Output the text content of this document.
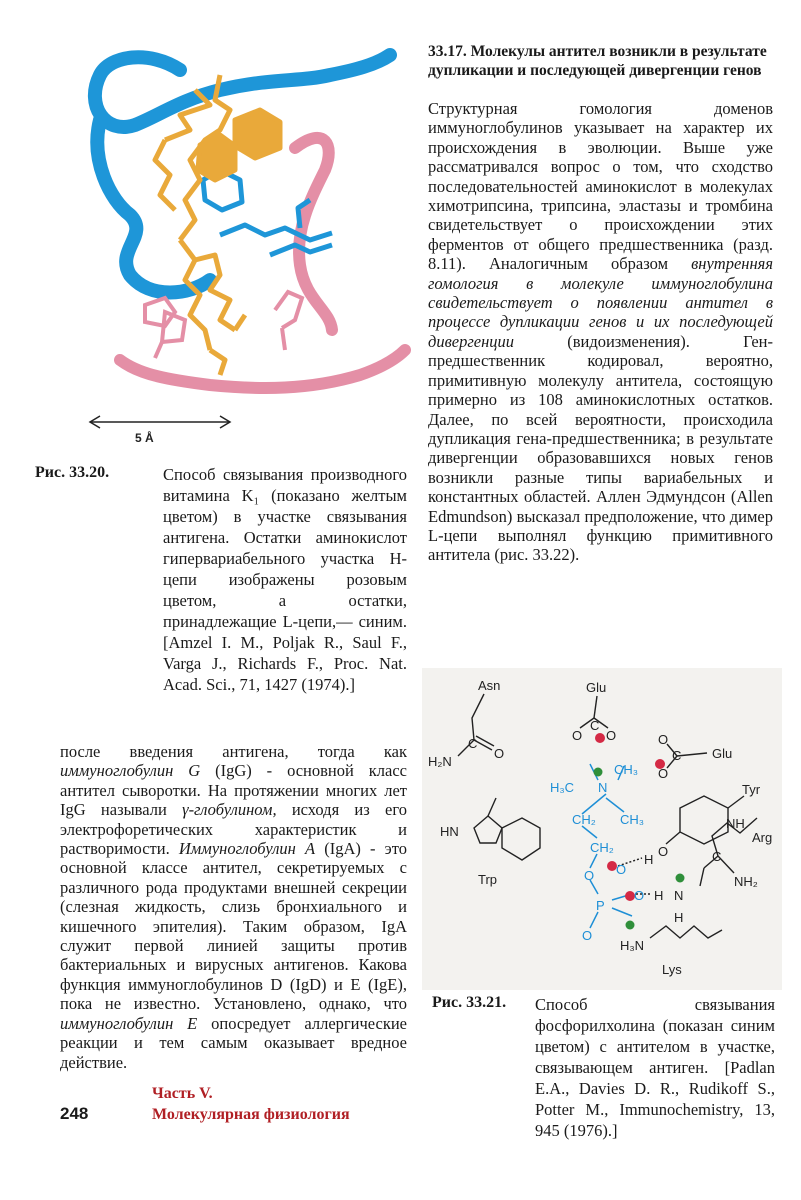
5 Å
Рис. 33.20.	Способ связывания производного витамина K₁ (показано желтым цветом) в участке связывания антигена. Остатки аминокислот гипервариабельного участка H-цепи изображены розовым цветом, а остатки, принадлежащие L-цепи,— синим. [Amzel I. M., Poljak R., Saul F., Varga J., Richards F., Proc. Nat. Acad. Sci., 71, 1427 (1974).]
33.17. Молекулы антител возникли в результате дупликации и последующей дивергенции генов
Структурная гомология доменов иммуноглобулинов указывает на характер их происхождения в эволюции. Выше уже рассматривался вопрос о том, что сходство последовательностей аминокислот в молекулах химотрипсина, трипсина, эластазы и тромбина свидетельствует о происхождении этих ферментов от общего предшественника (разд. 8.11). Аналогичным образом внутренняя гомология в молекуле иммуноглобулина свидетельствует о появлении антител в процессе дупликации генов и их последующей дивергенции (видоизменения). Ген-предшественник кодировал, вероятно, примитивную молекулу антитела, состоящую примерно из 108 аминокислотных остатков. Далее, по всей вероятности, происходила дупликация гена-предшественника; в результате дивергенции образовавшихся новых генов возникли разные типы вариабельных и константных областей. Аллен Эдмундсон (Allen Edmundson) высказал предположение, что димер L-цепи выполнял функцию примитивного антитела (рис. 33.22).
после введения антигена, тогда как иммуноглобулин G (IgG) - основной класс антител сыворотки. На протяжении многих лет IgG называли γ-глобулином, исходя из его электрофоретических характеристик и растворимости. Иммуноглобулин A (IgA) - это основной классе антител, секретируемых с различного рода продуктами внешней секреции (слезная жидкость, слизь бронхиального и кишечного эпителия). Таким образом, IgA служит первой линией защиты против бактериальных и вирусных антигенов. Какова функция иммуноглобулинов D (IgD) и E (IgE), пока не известно. Установлено, однако, что иммуноглобулин E опосредует аллергические реакции и тем самым оказывает вредное действие.
Asn	Glu
Glu
H₂N
C
O
C
O O
C
O
O
Tyr
O
HN
Trp
Arg
NH
C
NH₂
N
H
H
H
H₃N
Lys
H₃C
CH₃
N
CH₃
CH₂
CH₂
O
P
O
O
O
Рис. 33.21. Способ связывания фосфорилхолина (показан синим цветом) с антителом в участке, связывающем антиген. [Padlan E.A., Davies D. R., Rudikoff S., Potter M., Immunochemistry, 13, 945 (1976).]
248
Часть V.
Молекулярная физиология
